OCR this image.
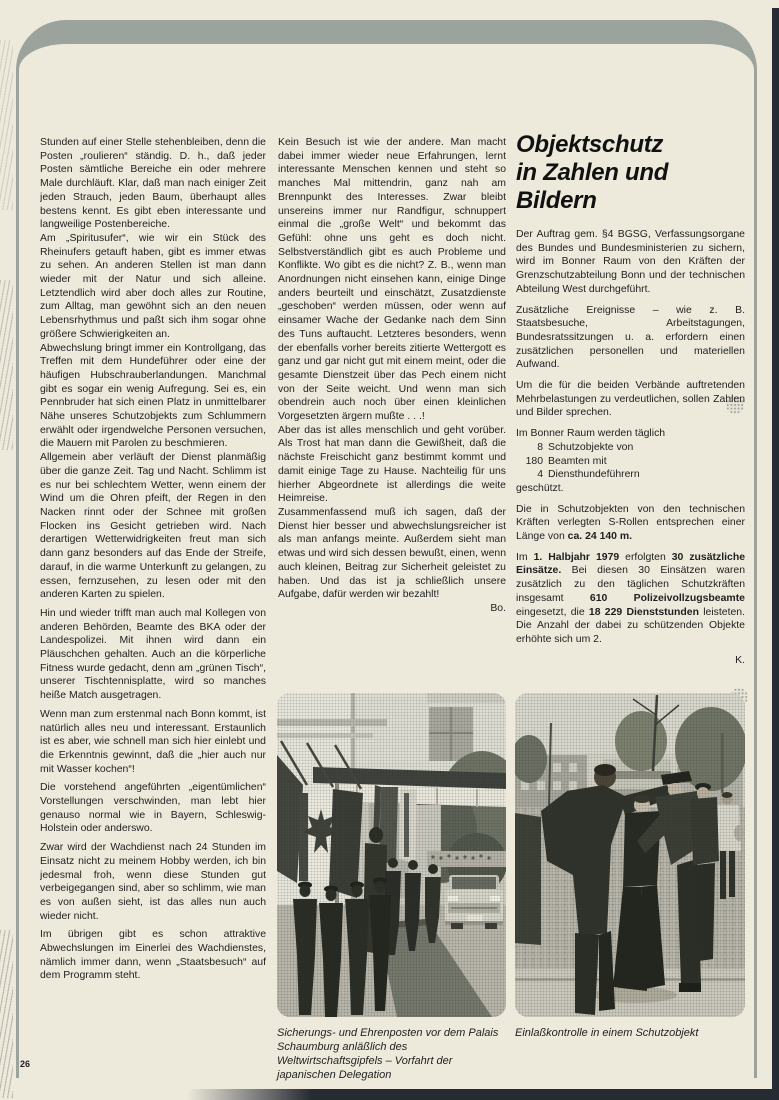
Stunden auf einer Stelle stehenbleiben, denn die Posten „roulieren“ ständig. D. h., daß jeder Posten sämtliche Bereiche ein oder mehrere Male durchläuft. Klar, daß man nach einiger Zeit jeden Strauch, jeden Baum, überhaupt alles bestens kennt. Es gibt eben interessante und langweilige Postenbereiche.

Am „Spiritusufer“, wie wir ein Stück des Rheinufers getauft haben, gibt es immer etwas zu sehen. An anderen Stellen ist man dann wieder mit der Natur und sich alleine. Letztendlich wird aber doch alles zur Routine, zum Alltag, man gewöhnt sich an den neuen Lebensrhythmus und paßt sich ihm sogar ohne größere Schwierigkeiten an.

Abwechslung bringt immer ein Kontrollgang, das Treffen mit dem Hundeführer oder eine der häufigen Hubschrauberlandungen. Manchmal gibt es sogar ein wenig Aufregung. Sei es, ein Pennbruder hat sich einen Platz in unmittelbarer Nähe unseres Schutzobjekts zum Schlummern erwählt oder irgendwelche Personen versuchen, die Mauern mit Parolen zu beschmieren.

Allgemein aber verläuft der Dienst planmäßig über die ganze Zeit. Tag und Nacht. Schlimm ist es nur bei schlechtem Wetter, wenn einem der Wind um die Ohren pfeift, der Regen in den Nacken rinnt oder der Schnee mit großen Flocken ins Gesicht getrieben wird. Nach derartigen Wetterwidrigkeiten freut man sich dann ganz besonders auf das Ende der Streife, darauf, in die warme Unterkunft zu gelangen, zu essen, fernzusehen, zu lesen oder mit den anderen Karten zu spielen.

Hin und wieder trifft man auch mal Kollegen von anderen Behörden, Beamte des BKA oder der Landespolizei. Mit ihnen wird dann ein Pläuschchen gehalten. Auch an die körperliche Fitness wurde gedacht, denn am „grünen Tisch“, unserer Tischtennisplatte, wird so manches heiße Match ausgetragen.

Wenn man zum erstenmal nach Bonn kommt, ist natürlich alles neu und interessant. Erstaunlich ist es aber, wie schnell man sich hier einlebt und die Erkenntnis gewinnt, daß die „hier auch nur mit Wasser kochen“!

Die vorstehend angeführten „eigentümlichen“ Vorstellungen verschwinden, man lebt hier genauso normal wie in Bayern, Schleswig-Holstein oder anderswo.

Zwar wird der Wachdienst nach 24 Stunden im Einsatz nicht zu meinem Hobby werden, ich bin jedesmal froh, wenn diese Stunden gut verbeigegangen sind, aber so schlimm, wie man es von außen sieht, ist das alles nun auch wieder nicht.

Im übrigen gibt es schon attraktive Abwechslungen im Einerlei des Wachdienstes, nämlich immer dann, wenn „Staatsbesuch“ auf dem Programm steht.

Kein Besuch ist wie der andere. Man macht dabei immer wieder neue Erfahrungen, lernt interessante Menschen kennen und steht so manches Mal mittendrin, ganz nah am Brennpunkt des Interesses. Zwar bleibt unsereins immer nur Randfigur, schnuppert einmal die „große Welt“ und bekommt das Gefühl: ohne uns geht es doch nicht. Selbstverständlich gibt es auch Probleme und Konflikte. Wo gibt es die nicht? Z. B., wenn man Anordnungen nicht einsehen kann, einige Dinge anders beurteilt und einschätzt, Zusatzdienste „geschoben“ werden müssen, oder wenn auf einsamer Wache der Gedanke nach dem Sinn des Tuns auftaucht. Letzteres besonders, wenn der ebenfalls vorher bereits zitierte Wettergott es ganz und gar nicht gut mit einem meint, oder die gesamte Dienstzeit über das Pech einem nicht von der Seite weicht. Und wenn man sich obendrein auch noch über einen kleinlichen Vorgesetzten ärgern mußte . . .!

Aber das ist alles menschlich und geht vorüber. Als Trost hat man dann die Gewißheit, daß die nächste Freischicht ganz bestimmt kommt und damit einige Tage zu Hause. Nachteilig für uns hierher Abgeordnete ist allerdings die weite Heimreise.

Zusammenfassend muß ich sagen, daß der Dienst hier besser und abwechslungsreicher ist als man anfangs meinte. Außerdem sieht man etwas und wird sich dessen bewußt, einen, wenn auch kleinen, Beitrag zur Sicherheit geleistet zu haben. Und das ist ja schließlich unsere Aufgabe, dafür werden wir bezahlt!

Bo.
Objektschutz
in Zahlen und Bildern

Der Auftrag gem. §4 BGSG, Verfassungsorgane des Bundes und Bundesministerien zu sichern, wird im Bonner Raum von den Kräften der Grenzschutzabteilung Bonn und der technischen Abteilung West durchgeführt.

Zusätzliche Ereignisse – wie z. B. Staatsbesuche, Arbeitstagungen, Bundesratssitzungen u. a. erfordern einen zusätzlichen personellen und materiellen Aufwand.

Um die für die beiden Verbände auftretenden Mehrbelastungen zu verdeutlichen, sollen Zahlen und Bilder sprechen.

Im Bonner Raum werden täglich
8 Schutzobjekte von
180 Beamten mit
4 Diensthundeführern
geschützt.

Die in Schutzobjekten von den technischen Kräften verlegten S-Rollen entsprechen einer Länge von ca. 24 140 m.

Im 1. Halbjahr 1979 erfolgten 30 zusätzliche Einsätze. Bei diesen 30 Einsätzen waren zusätzlich zu den täglichen Schutzkräften insgesamt 610 Polizeivollzugsbeamte eingesetzt, die 18 229 Dienststunden leisteten. Die Anzahl der dabei zu schützenden Objekte erhöhte sich um 2.

K.
Sicherungs- und Ehrenposten vor dem Palais Schaumburg anläßlich des Weltwirtschaftsgipfels – Vorfahrt der japanischen Delegation
Einlaßkontrolle in einem Schutzobjekt
26
